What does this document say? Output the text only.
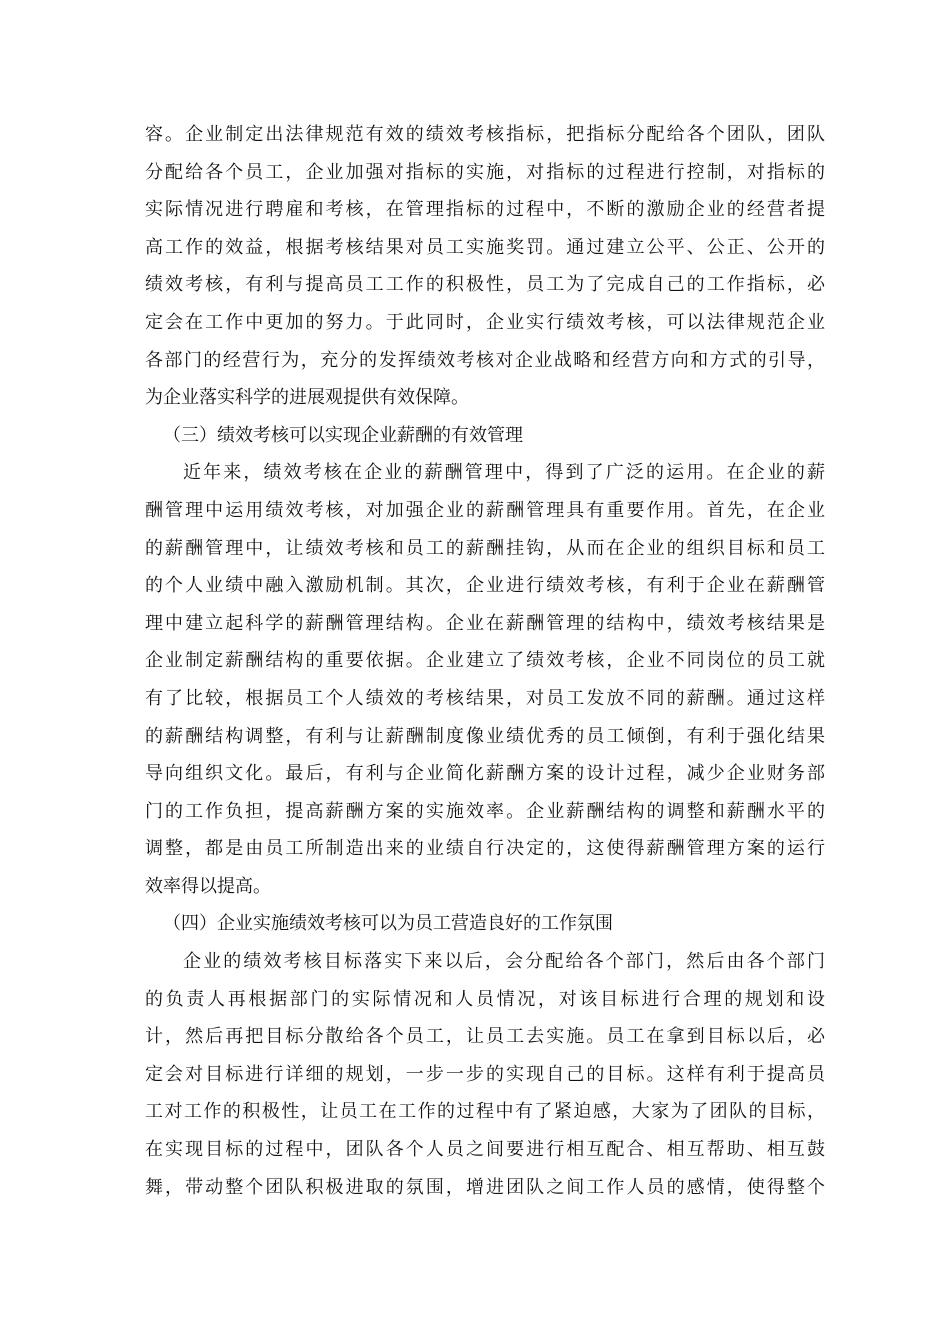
容。企业制定出法律规范有效的绩效考核指标，把指标分配给各个团队，团队
分配给各个员工，企业加强对指标的实施，对指标的过程进行控制，对指标的
实际情况进行聘雇和考核，在管理指标的过程中，不断的激励企业的经营者提
高工作的效益，根据考核结果对员工实施奖罚。通过建立公平、公正、公开的
绩效考核，有利与提高员工工作的积极性，员工为了完成自己的工作指标，必
定会在工作中更加的努力。于此同时，企业实行绩效考核，可以法律规范企业
各部门的经营行为，充分的发挥绩效考核对企业战略和经营方向和方式的引导，
为企业落实科学的进展观提供有效保障。
（三）绩效考核可以实现企业薪酬的有效管理
近年来，绩效考核在企业的薪酬管理中，得到了广泛的运用。在企业的薪
酬管理中运用绩效考核，对加强企业的薪酬管理具有重要作用。首先，在企业
的薪酬管理中，让绩效考核和员工的薪酬挂钩，从而在企业的组织目标和员工
的个人业绩中融入激励机制。其次，企业进行绩效考核，有利于企业在薪酬管
理中建立起科学的薪酬管理结构。企业在薪酬管理的结构中，绩效考核结果是
企业制定薪酬结构的重要依据。企业建立了绩效考核，企业不同岗位的员工就
有了比较，根据员工个人绩效的考核结果，对员工发放不同的薪酬。通过这样
的薪酬结构调整，有利与让薪酬制度像业绩优秀的员工倾倒，有利于强化结果
导向组织文化。最后，有利与企业简化薪酬方案的设计过程，减少企业财务部
门的工作负担，提高薪酬方案的实施效率。企业薪酬结构的调整和薪酬水平的
调整，都是由员工所制造出来的业绩自行决定的，这使得薪酬管理方案的运行
效率得以提高。
（四）企业实施绩效考核可以为员工营造良好的工作氛围
企业的绩效考核目标落实下来以后，会分配给各个部门，然后由各个部门
的负责人再根据部门的实际情况和人员情况，对该目标进行合理的规划和设
计，然后再把目标分散给各个员工，让员工去实施。员工在拿到目标以后，必
定会对目标进行详细的规划，一步一步的实现自己的目标。这样有利于提高员
工对工作的积极性，让员工在工作的过程中有了紧迫感，大家为了团队的目标，
在实现目标的过程中，团队各个人员之间要进行相互配合、相互帮助、相互鼓
舞，带动整个团队积极进取的氛围，增进团队之间工作人员的感情，使得整个
